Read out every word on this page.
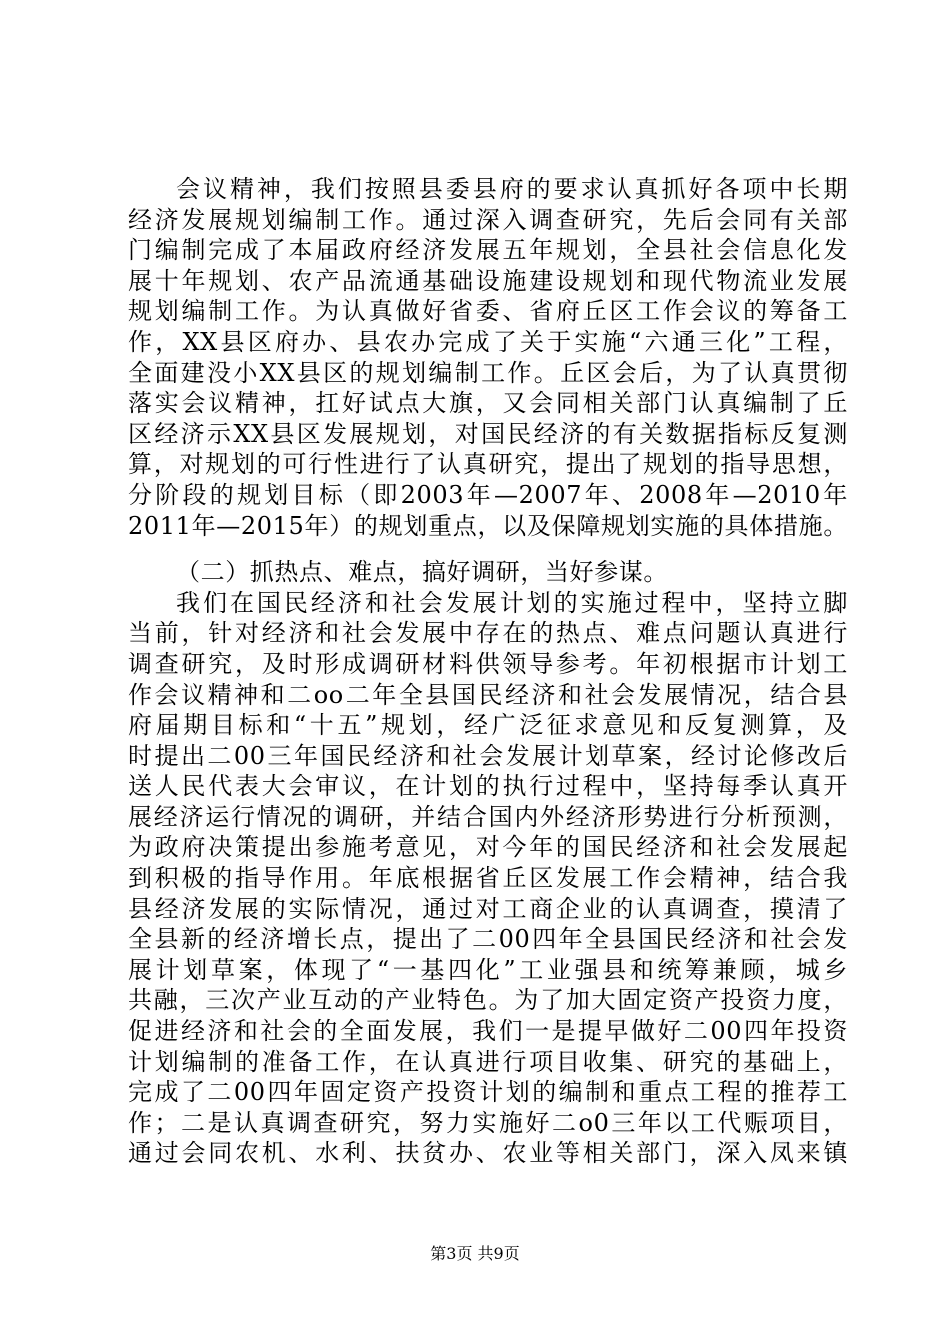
会议精神，我们按照县委县府的要求认真抓好各项中长期
经济发展规划编制工作。通过深入调查研究，先后会同有关部
门编制完成了本届政府经济发展五年规划，全县社会信息化发
展十年规划、农产品流通基础设施建设规划和现代物流业发展
规划编制工作。为认真做好省委、省府丘区工作会议的筹备工
作，XX县区府办、县农办完成了关于实施“六通三化”工程，
全面建没小XX县区的规划编制工作。丘区会后，为了认真贯彻
落实会议精神，扛好试点大旗，又会同相关部门认真编制了丘
区经济示XX县区发展规划，对国民经济的有关数据指标反复测
算，对规划的可行性进行了认真研究，提出了规划的指导思想，
分阶段的规划目标（即2003年—2007年、2008年—2010年
2011年—2015年）的规划重点，以及保障规划实施的具体措施。
（二）抓热点、难点，搞好调研，当好参谋。
我们在国民经济和社会发展计划的实施过程中，坚持立脚
当前，针对经济和社会发展中存在的热点、难点问题认真进行
调查研究，及时形成调研材料供领导参考。年初根据市计划工
作会议精神和二oo二年全县国民经济和社会发展情况，结合县
府届期目标和“十五”规划，经广泛征求意见和反复测算，及
时提出二00三年国民经济和社会发展计划草案，经讨论修改后
送人民代表大会审议，在计划的执行过程中，坚持每季认真开
展经济运行情况的调研，并结合国内外经济形势进行分析预测，
为政府决策提出参施考意见，对今年的国民经济和社会发展起
到积极的指导作用。年底根据省丘区发展工作会精神，结合我
县经济发展的实际情况，通过对工商企业的认真调查，摸清了
全县新的经济增长点，提出了二00四年全县国民经济和社会发
展计划草案，体现了“一基四化”工业强县和统筹兼顾，城乡
共融，三次产业互动的产业特色。为了加大固定资产投资力度，
促进经济和社会的全面发展，我们一是提早做好二00四年投资
计划编制的准备工作，在认真进行项目收集、研究的基础上，
完成了二00四年固定资产投资计划的编制和重点工程的推荐工
作；二是认真调查研究，努力实施好二o0三年以工代赈项目，
通过会同农机、水利、扶贫办、农业等相关部门，深入凤来镇
第3页 共9页
